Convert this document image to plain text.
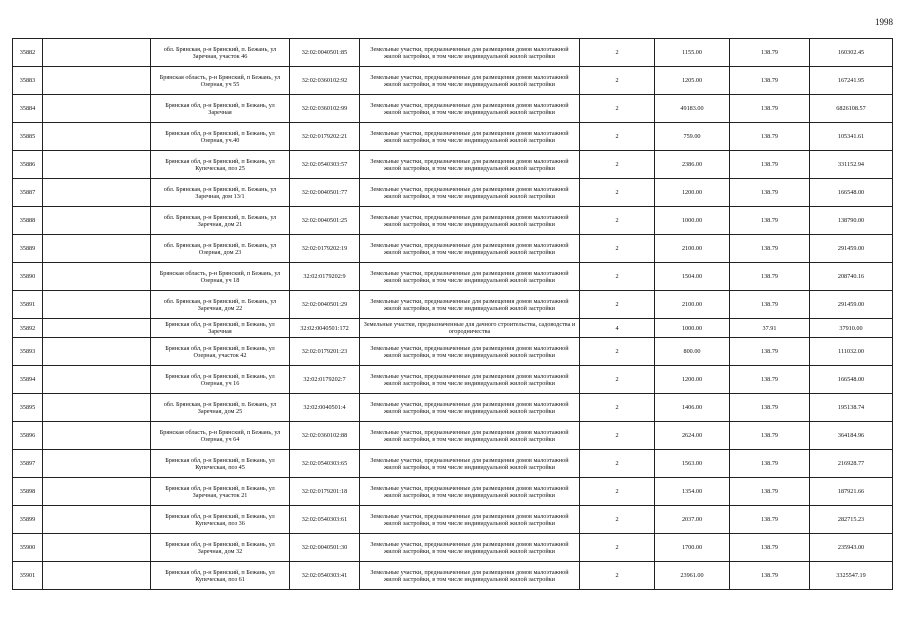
1998
35882		обл. Брянская, р-н Брянский, п. Бежань, ул Заречная, участок 46	32:02:0040501:85	Земельные участки, предназначенные для размещения домов малоэтажной жилой застройки, в том числе индивидуальной жилой застройки	2	1155.00	138.79	160302.45
35883		Брянская область, р-н Брянский, п Бежань, ул Озерная, уч 55	32:02:0360102:92	Земельные участки, предназначенные для размещения домов малоэтажной жилой застройки, в том числе индивидуальной жилой застройки	2	1205.00	138.79	167241.95
35884		Брянская обл, р-н Брянский, п Бежань, ул Заречная	32:02:0360102:99	Земельные участки, предназначенные для размещения домов малоэтажной жилой застройки, в том числе индивидуальной жилой застройки	2	49183.00	138.79	6826108.57
35885		Брянская обл, р-н Брянский, п Бежань, ул Озерная, уч.40	32:02:0179202:21	Земельные участки, предназначенные для размещения домов малоэтажной жилой застройки, в том числе индивидуальной жилой застройки	2	759.00	138.79	105341.61
35886		Брянская обл, р-н Брянский, п Бежань, ул Купеческая, поз 25	32:02:0540303:57	Земельные участки, предназначенные для размещения домов малоэтажной жилой застройки, в том числе индивидуальной жилой застройки	2	2386.00	138.79	331152.94
35887		обл. Брянская, р-н Брянский, п. Бежань, ул Заречная, дом 13/1	32:02:0040501:77	Земельные участки, предназначенные для размещения домов малоэтажной жилой застройки, в том числе индивидуальной жилой застройки	2	1200.00	138.79	166548.00
35888		обл. Брянская, р-н Брянский, п. Бежань, ул Заречная, дом 21	32:02:0040501:25	Земельные участки, предназначенные для размещения домов малоэтажной жилой застройки, в том числе индивидуальной жилой застройки	2	1000.00	138.79	138790.00
35889		обл. Брянская, р-н Брянский, п. Бежань, ул Озерная, дом 23	32:02:0179202:19	Земельные участки, предназначенные для размещения домов малоэтажной жилой застройки, в том числе индивидуальной жилой застройки	2	2100.00	138.79	291459.00
35890		Брянская область, р-н Брянский, п Бежань, ул Озерная, уч 18	32:02:0179202:9	Земельные участки, предназначенные для размещения домов малоэтажной жилой застройки, в том числе индивидуальной жилой застройки	2	1504.00	138.79	208740.16
35891		обл. Брянская, р-н Брянский, п. Бежань, ул Заречная, дом 22	32:02:0040501:29	Земельные участки, предназначенные для размещения домов малоэтажной жилой застройки, в том числе индивидуальной жилой застройки	2	2100.00	138.79	291459.00
35892		Брянская обл, р-н Брянский, п Бежань, ул Заречная	32:02:0040501:172	Земельные участки, предназначенные для дачного строительства, садоводства и огородничества	4	1000.00	37.91	37910.00
35893		Брянская обл, р-н Брянский, п Бежань, ул Озерная, участок 42	32:02:0179201:23	Земельные участки, предназначенные для размещения домов малоэтажной жилой застройки, в том числе индивидуальной жилой застройки	2	800.00	138.79	111032.00
35894		Брянская обл, р-н Брянский, п Бежань, ул Озерная, уч 16	32:02:0179202:7	Земельные участки, предназначенные для размещения домов малоэтажной жилой застройки, в том числе индивидуальной жилой застройки	2	1200.00	138.79	166548.00
35895		обл. Брянская, р-н Брянский, п. Бежань, ул Заречная, дом 25	32:02:0040501:4	Земельные участки, предназначенные для размещения домов малоэтажной жилой застройки, в том числе индивидуальной жилой застройки	2	1406.00	138.79	195138.74
35896		Брянская область, р-н Брянский, п Бежань, ул Озерная, уч 64	32:02:0360102:88	Земельные участки, предназначенные для размещения домов малоэтажной жилой застройки, в том числе индивидуальной жилой застройки	2	2624.00	138.79	364184.96
35897		Брянская обл, р-н Брянский, п Бежань, ул Купеческая, поз 45	32:02:0540303:65	Земельные участки, предназначенные для размещения домов малоэтажной жилой застройки, в том числе индивидуальной жилой застройки	2	1563.00	138.79	216928.77
35898		Брянская обл, р-н Брянский, п Бежань, ул Заречная, участок 21	32:02:0179201:18	Земельные участки, предназначенные для размещения домов малоэтажной жилой застройки, в том числе индивидуальной жилой застройки	2	1354.00	138.79	187921.66
35899		Брянская обл, р-н Брянский, п Бежань, ул Купеческая, поз 36	32:02:0540303:61	Земельные участки, предназначенные для размещения домов малоэтажной жилой застройки, в том числе индивидуальной жилой застройки	2	2037.00	138.79	282715.23
35900		Брянская обл, р-н Брянский, п Бежань, ул Заречная, дом 32	32:02:0040501:30	Земельные участки, предназначенные для размещения домов малоэтажной жилой застройки, в том числе индивидуальной жилой застройки	2	1700.00	138.79	235943.00
35901		Брянская обл, р-н Брянский, п Бежань, ул Купеческая, поз 61	32:02:0540303:41	Земельные участки, предназначенные для размещения домов малоэтажной жилой застройки, в том числе индивидуальной жилой застройки	2	23961.00	138.79	3325547.19
